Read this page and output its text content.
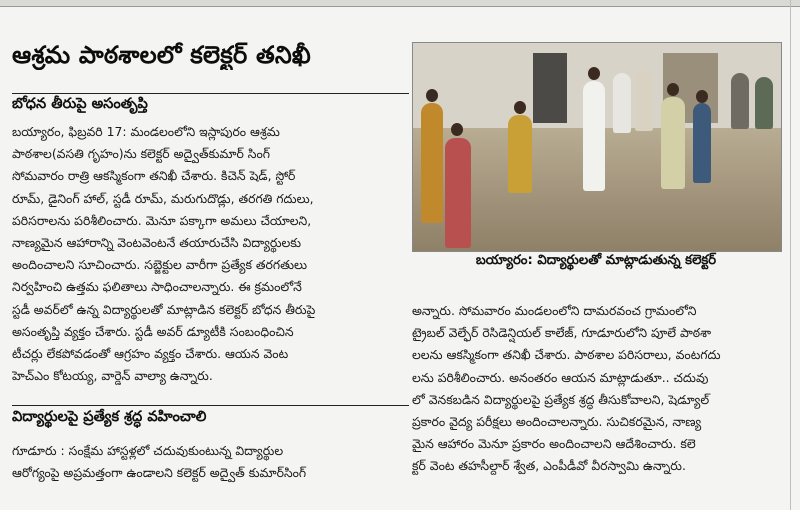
ఆశ్రమ పాఠశాలలో కలెక్టర్ తనిఖీ
బోధన తీరుపై అసంతృప్తి
బయ్యారం, ఫిబ్రవరి 17: మండలంలోని ఇస్లాపురం ఆశ్రమ
పాఠశాల(వసతి గృహం)ను కలెక్టర్ అద్వైత్‌కుమార్ సింగ్
సోమవారం రాత్రి ఆకస్మికంగా తనిఖీ చేశారు. కిచెన్ షెడ్, స్టోర్
రూమ్, డైనింగ్ హాల్, స్టడీ రూమ్, మరుగుదొడ్లు, తరగతి గదులు,
పరిసరాలను పరిశీలించారు. మెనూ పక్కాగా అమలు చేయాలని,
నాణ్యమైన ఆహారాన్ని వెంటవెంటనే తయారుచేసి విద్యార్థులకు
అందించాలని సూచించారు. సబ్జెక్టుల వారీగా ప్రత్యేక తరగతులు
నిర్వహించి ఉత్తమ ఫలితాలు సాధించాలన్నారు. ఈ క్రమంలోనే
స్టడీ అవర్‌లో ఉన్న విద్యార్థులతో మాట్లాడిన కలెక్టర్ బోధన తీరుపై
అసంతృప్తి వ్యక్తం చేశారు. స్టడీ అవర్ డ్యూటీకి సంబంధించిన
టీచర్లు లేకపోవడంతో ఆగ్రహం వ్యక్తం చేశారు. ఆయన వెంట
హెచ్ఎం కోటయ్య, వార్డెన్ వాల్యా ఉన్నారు.
విద్యార్థులపై ప్రత్యేక శ్రద్ధ వహించాలి
గూడూరు : సంక్షేమ హాస్టళ్లలో చదువుకుంటున్న విద్యార్థుల
ఆరోగ్యంపై అప్రమత్తంగా ఉండాలని కలెక్టర్ అద్వైత్ కుమార్‌సింగ్
బయ్యారం: విద్యార్థులతో మాట్లాడుతున్న కలెక్టర్
అన్నారు. సోమవారం మండలంలోని దామరవంచ గ్రామంలోని
ట్రైబల్ వెల్ఫేర్ రెసిడెన్షియల్ కాలేజ్, గూడూరులోని పూలే పాఠశా
లలను ఆకస్మికంగా తనిఖీ చేశారు. పాఠశాల పరిసరాలు, వంటగదు
లను పరిశీలించారు. అనంతరం ఆయన మాట్లాడుతూ.. చదువు
లో వెనకబడిన విద్యార్థులపై ప్రత్యేక శ్రద్ధ తీసుకోవాలని, షెడ్యూల్
ప్రకారం వైద్య పరీక్షలు అందించాలన్నారు. సుచికరమైన, నాణ్య
మైన ఆహారం మెనూ ప్రకారం అందించాలని ఆదేశించారు. కలె
క్టర్ వెంట తహసీల్దార్ శ్వేత, ఎంపీడీవో వీరస్వామి ఉన్నారు.
